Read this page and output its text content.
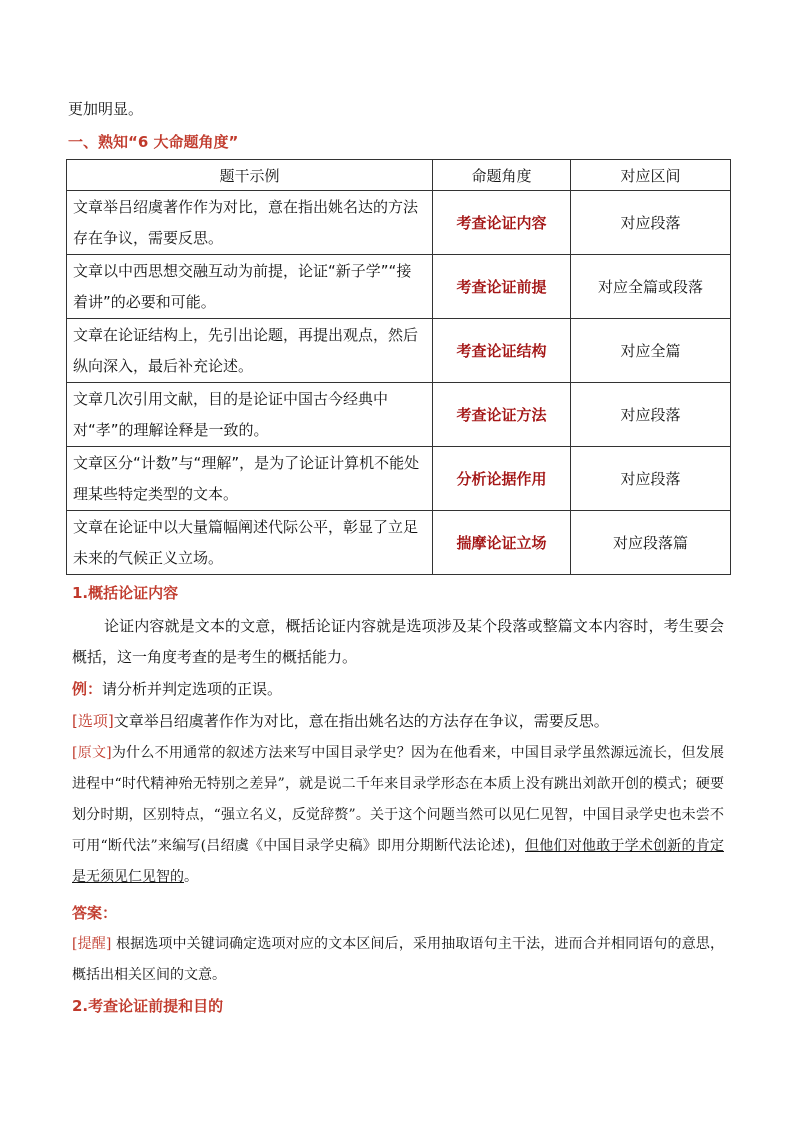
更加明显。
一、熟知“6 大命题角度”
题干示例	命题角度	对应区间
文章举吕绍虞著作作为对比，意在指出姚名达的方法存在争议，需要反思。	考查论证内容	对应段落
文章以中西思想交融互动为前提，论证“新子学”“接着讲”的必要和可能。	考查论证前提	对应全篇或段落
文章在论证结构上，先引出论题，再提出观点，然后纵向深入，最后补充论述。	考查论证结构	对应全篇
文章几次引用文献，目的是论证中国古今经典中对“孝”的理解诠释是一致的。	考查论证方法	对应段落
文章区分“计数”与“理解”，是为了论证计算机不能处理某些特定类型的文本。	分析论据作用	对应段落
文章在论证中以大量篇幅阐述代际公平，彰显了立足未来的气候正义立场。	揣摩论证立场	对应段落篇
1.概括论证内容
论证内容就是文本的文意，概括论证内容就是选项涉及某个段落或整篇文本内容时，考生要会概括，这一角度考查的是考生的概括能力。
例：请分析并判定选项的正误。
[选项]文章举吕绍虞著作作为对比，意在指出姚名达的方法存在争议，需要反思。
[原文]为什么不用通常的叙述方法来写中国目录学史？因为在他看来，中国目录学虽然源远流长，但发展进程中“时代精神殆无特别之差异”，就是说二千年来目录学形态在本质上没有跳出刘歆开创的模式；硬要划分时期，区别特点，“强立名义，反觉辞赘”。关于这个问题当然可以见仁见智，中国目录学史也未尝不可用“断代法”来编写(吕绍虞《中国目录学史稿》即用分期断代法论述)，但他们对他敢于学术创新的肯定是无须见仁见智的。
答案：
[提醒] 根据选项中关键词确定选项对应的文本区间后，采用抽取语句主干法，进而合并相同语句的意思，概括出相关区间的文意。
2.考查论证前提和目的
